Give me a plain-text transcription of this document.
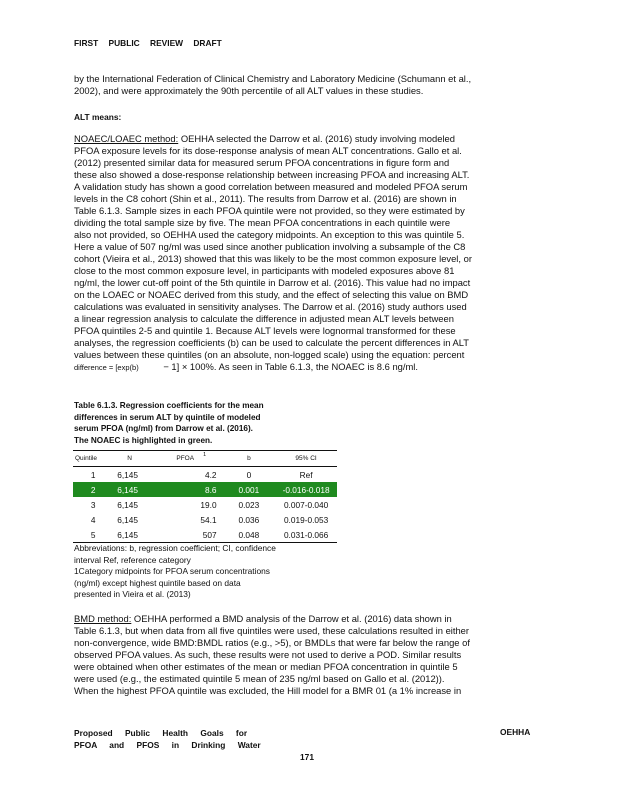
FIRST PUBLIC REVIEW DRAFT
by the International Federation of Clinical Chemistry and Laboratory Medicine (Schumann et al.,
2002), and were approximately the 90th percentile of all ALT values in these studies.
ALT means:
NOAEC/LOAEC method: OEHHA selected the Darrow et al. (2016) study involving modeled
PFOA exposure levels for its dose-response analysis of mean ALT concentrations. Gallo et al.
(2012) presented similar data for measured serum PFOA concentrations in figure form and
these also showed a dose-response relationship between increasing PFOA and increasing ALT.
A validation study has shown a good correlation between measured and modeled PFOA serum
levels in the C8 cohort (Shin et al., 2011). The results from Darrow et al. (2016) are shown in
Table 6.1.3. Sample sizes in each PFOA quintile were not provided, so they were estimated by
dividing the total sample size by five. The mean PFOA concentrations in each quintile were
also not provided, so OEHHA used the category midpoints. An exception to this was quintile 5.
Here a value of 507 ng/ml was used since another publication involving a subsample of the C8
cohort (Vieira et al., 2013) showed that this was likely to be the most common exposure level, or
close to the most common exposure level, in participants with modeled exposures above 81
ng/ml, the lower cut-off point of the 5th quintile in Darrow et al. (2016). This value had no impact
on the LOAEC or NOAEC derived from this study, and the effect of selecting this value on BMD
calculations was evaluated in sensitivity analyses. The Darrow et al. (2016) study authors used
a linear regression analysis to calculate the difference in adjusted mean ALT levels between
PFOA quintiles 2-5 and quintile 1. Because ALT levels were lognormal transformed for these
analyses, the regression coefficients (b) can be used to calculate the percent differences in ALT
values between these quintiles (on an absolute, non-logged scale) using the equation: percent
difference = [exp(b)	− 1] × 100%. As seen in Table 6.1.3, the NOAEC is 8.6 ng/ml.
Table 6.1.3. Regression coefficients for the mean
differences in serum ALT by quintile of modeled
serum PFOA (ng/ml) from Darrow et al. (2016).
The NOAEC is highlighted in green.
Quintile	N	PFOA $^1$	b	95% CI
1	6,145	4.2	0	Ref
2	6,145	8.6	0.001	-0.016-0.018
3	6,145	19.0	0.023	0.007-0.040
4	6,145	54.1	0.036	0.019-0.053
5	6,145	507	0.048	0.031-0.066
Abbreviations: b, regression coefficient; CI, confidence
interval Ref, reference category
1Category midpoints for PFOA serum concentrations
(ng/ml) except highest quintile based on data
presented in Vieira et al. (2013)
BMD method: OEHHA performed a BMD analysis of the Darrow et al. (2016) data shown in
Table 6.1.3, but when data from all five quintiles were used, these calculations resulted in either
non-convergence, wide BMD:BMDL ratios (e.g., >5), or BMDLs that were far below the range of
observed PFOA values. As such, these results were not used to derive a POD. Similar results
were obtained when other estimates of the mean or median PFOA concentration in quintile 5
were used (e.g., the estimated quintile 5 mean of 235 ng/ml based on Gallo et al. (2012)).
When the highest PFOA quintile was excluded, the Hill model for a BMR 01 (a 1% increase in
Proposed Public Health Goals for
PFOA and PFOS in Drinking Water
OEHHA
171
